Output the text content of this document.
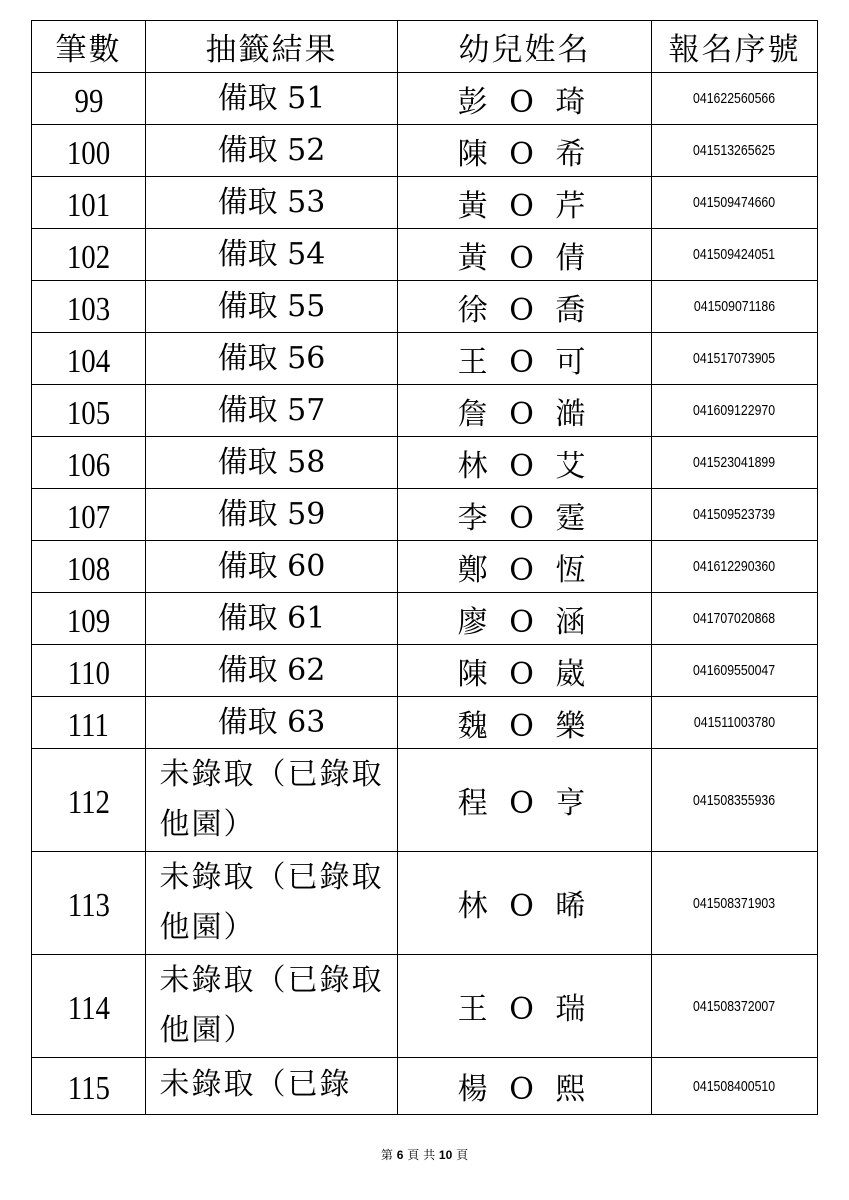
筆數	抽籤結果	幼兒姓名	報名序號
99	備取 51	彭 O 琦	041622560566
100	備取 52	陳 O 希	041513265625
101	備取 53	黃 O 芹	041509474660
102	備取 54	黃 O 倩	041509424051
103	備取 55	徐 O 喬	041509071186
104	備取 56	王 O 可	041517073905
105	備取 57	詹 O 澔	041609122970
106	備取 58	林 O 艾	041523041899
107	備取 59	李 O 霆	041509523739
108	備取 60	鄭 O 恆	041612290360
109	備取 61	廖 O 涵	041707020868
110	備取 62	陳 O 崴	041609550047
111	備取 63	魏 O 樂	041511003780
112	未錄取（已錄取他園）	程 O 亨	041508355936
113	未錄取（已錄取他園）	林 O 晞	041508371903
114	未錄取（已錄取他園）	王 O 瑞	041508372007
115	未錄取（已錄	楊 O 熙	041508400510
第 6 頁 共 10 頁
